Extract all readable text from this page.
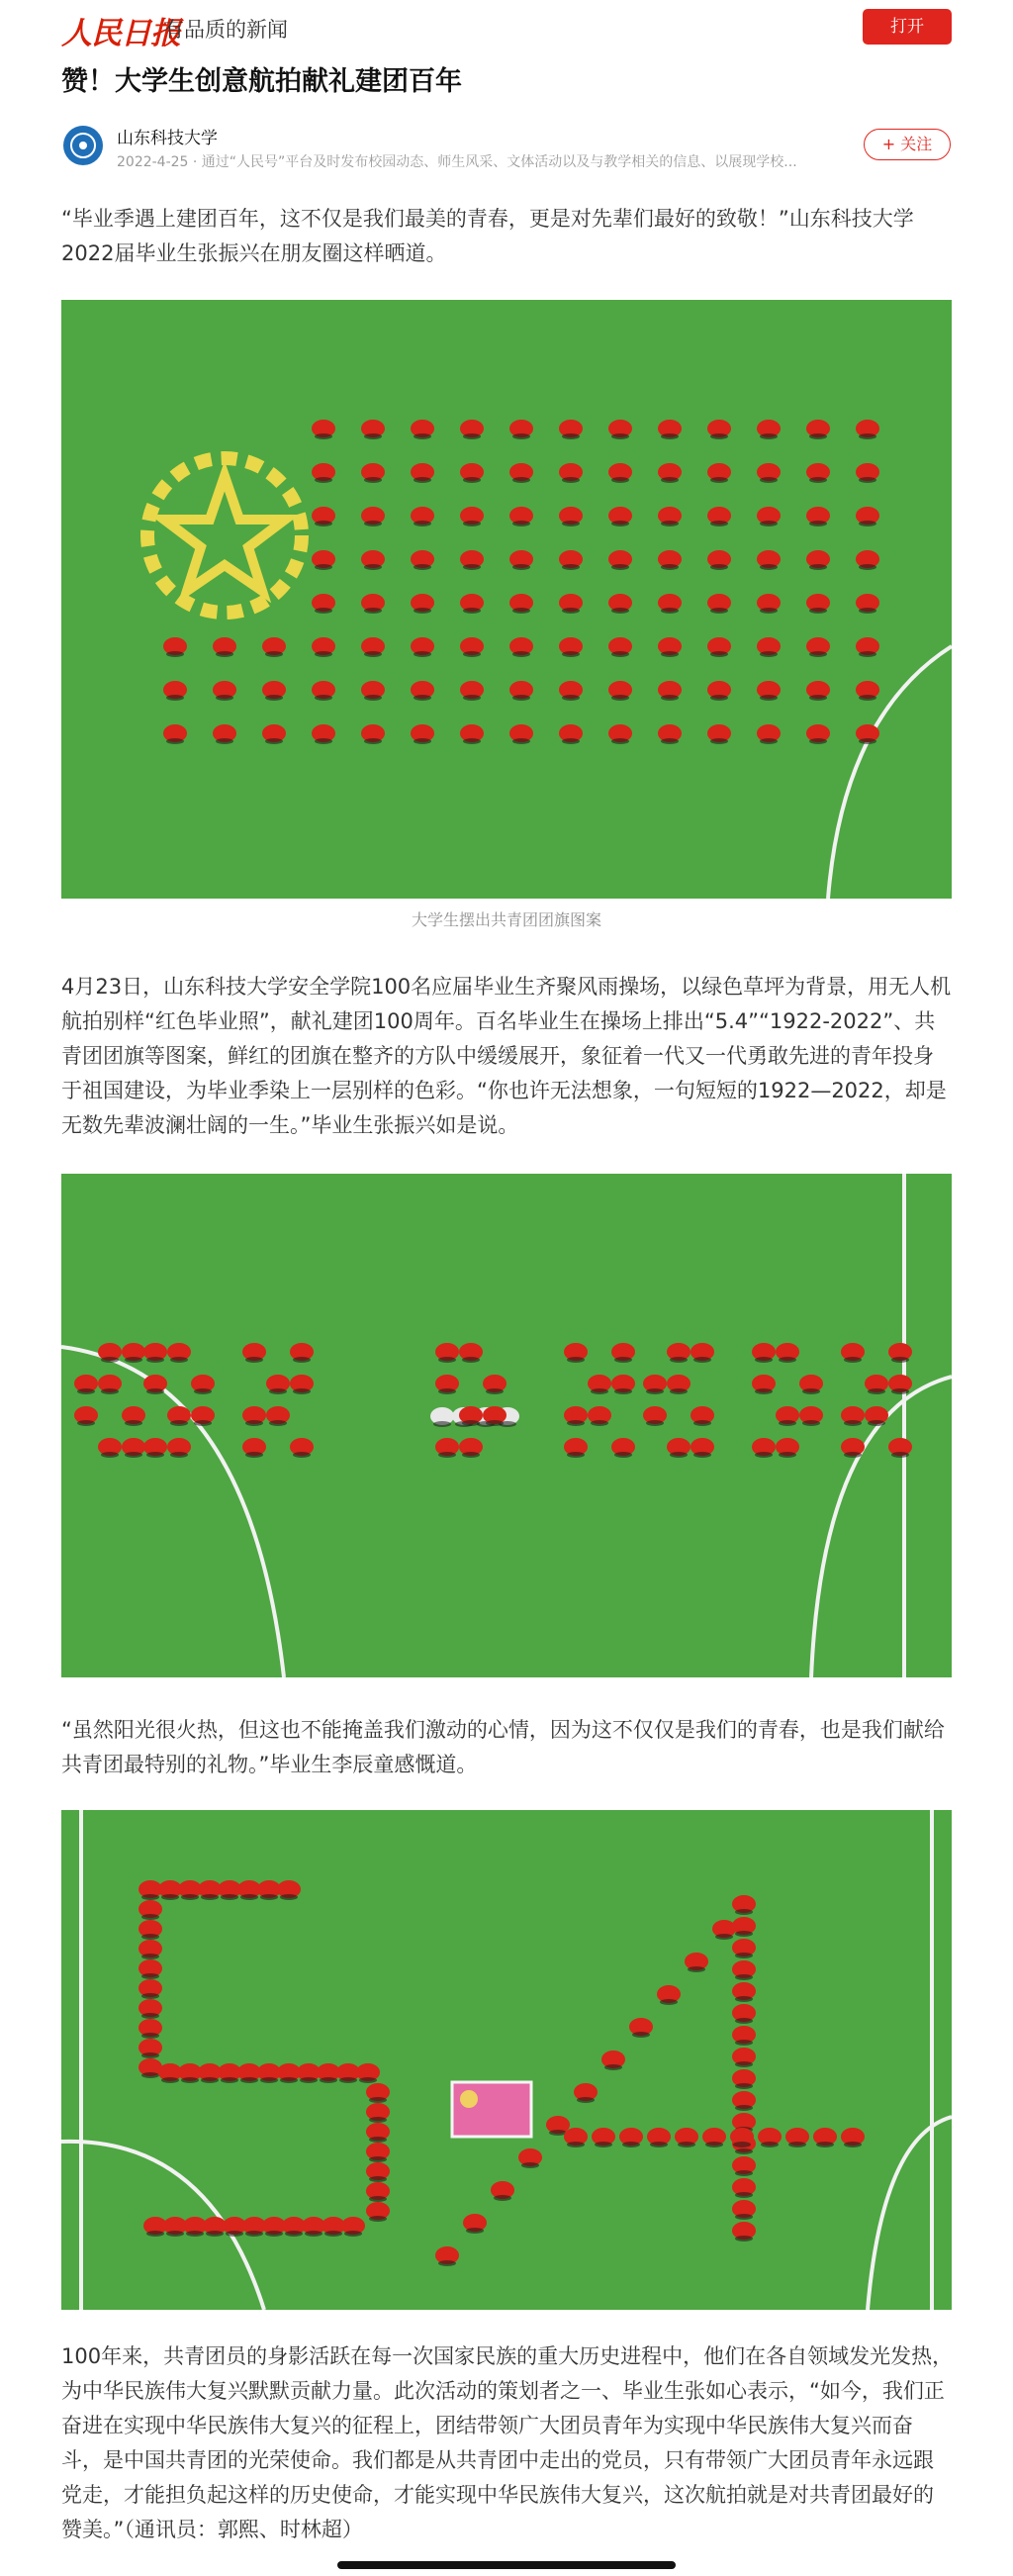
人民日报
有品质的新闻	打开
赞！大学生创意航拍献礼建团百年
山东科技大学
2022-4-25 · 通过“人民号”平台及时发布校园动态、师生风采、文体活动以及与教学相关的信息、以展现学校...
+ 关注

“毕业季遇上建团百年，这不仅是我们最美的青春，更是对先辈们最好的致敬！”山东科技大学2022届毕业生张振兴在朋友圈这样晒道。

大学生摆出共青团团旗图案

4月23日，山东科技大学安全学院100名应届毕业生齐聚风雨操场，以绿色草坪为背景，用无人机航拍别样“红色毕业照”，献礼建团100周年。百名毕业生在操场上排出“5.4”“1922-2022”、共青团团旗等图案，鲜红的团旗在整齐的方队中缓缓展开，象征着一代又一代勇敢先进的青年投身于祖国建设，为毕业季染上一层别样的色彩。“你也许无法想象，一句短短的1922—2022，却是无数先辈波澜壮阔的一生。”毕业生张振兴如是说。

“虽然阳光很火热，但这也不能掩盖我们激动的心情，因为这不仅仅是我们的青春，也是我们献给共青团最特别的礼物。”毕业生李辰童感慨道。

100年来，共青团员的身影活跃在每一次国家民族的重大历史进程中，他们在各自领域发光发热，为中华民族伟大复兴默默贡献力量。此次活动的策划者之一、毕业生张如心表示，“如今，我们正奋进在实现中华民族伟大复兴的征程上，团结带领广大团员青年为实现中华民族伟大复兴而奋斗，是中国共青团的光荣使命。我们都是从共青团中走出的党员，只有带领广大团员青年永远跟党走，才能担负起这样的历史使命，才能实现中华民族伟大复兴，这次航拍就是对共青团最好的赞美。”（通讯员：郭熙、时林超）
